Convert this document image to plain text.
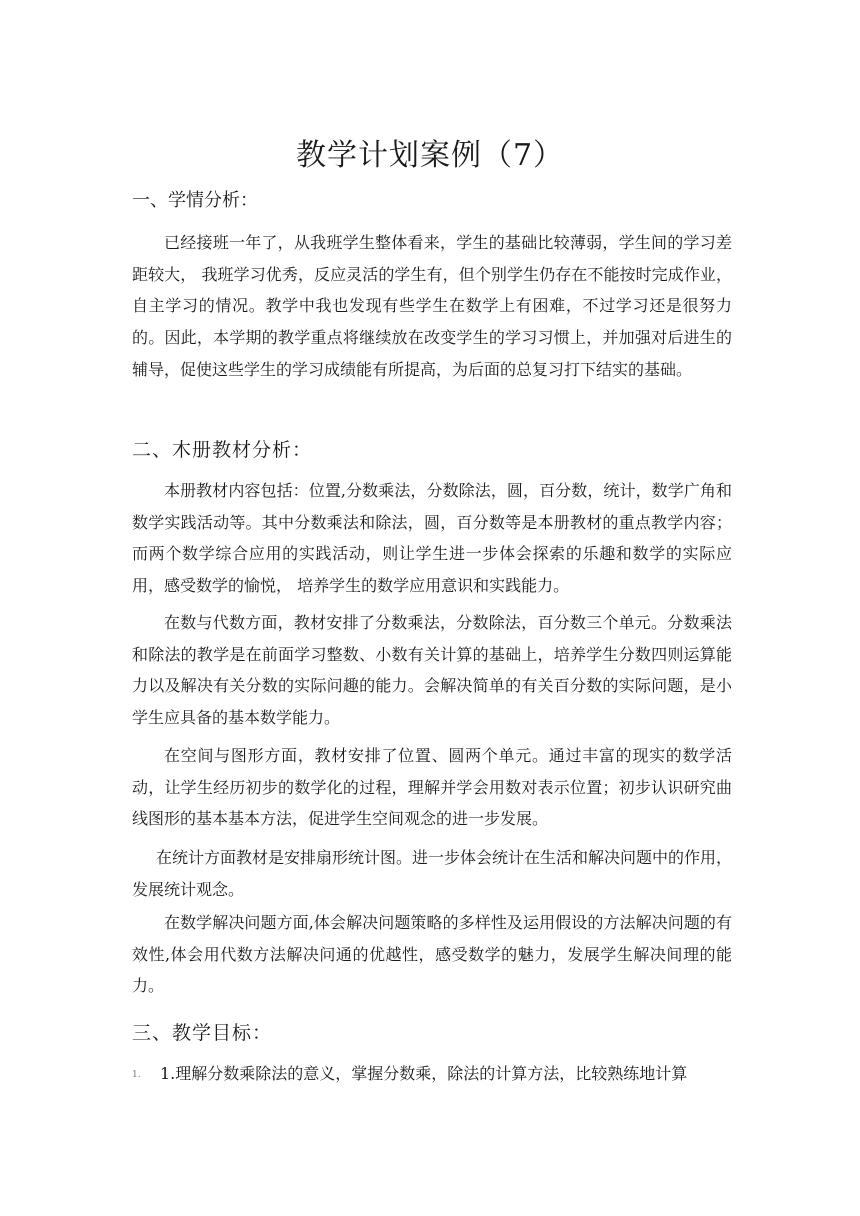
教学计划案例（7）
一、学情分析：

已经接班一年了，从我班学生整体看来，学生的基础比较薄弱，学生间的学习差距较大， 我班学习优秀，反应灵活的学生有，但个别学生仍存在不能按时完成作业，自主学习的情况。教学中我也发现有些学生在数学上有困难，不过学习还是很努力的。因此，本学期的教学重点将继续放在改变学生的学习习惯上，并加强对后进生的辅导，促使这些学生的学习成绩能有所提高，为后面的总复习打下结实的基础。

二、木册教材分析：

本册教材内容包括：位置,分数乘法，分数除法，圆，百分数，统计，数学广角和数学实践活动等。其中分数乘法和除法，圆，百分数等是本册教材的重点教学内容；而两个数学综合应用的实践活动，则让学生进一步体会探索的乐趣和数学的实际应用，感受数学的愉悦， 培养学生的数学应用意识和实践能力。

在数与代数方面，教材安排了分数乘法，分数除法，百分数三个单元。分数乘法和除法的教学是在前面学习整数、小数有关计算的基础上，培养学生分数四则运算能力以及解决有关分数的实际问趣的能力。会解决简单的有关百分数的实际问题，是小学生应具备的基本数学能力。

在空间与图形方面，教材安排了位置、圆两个单元。通过丰富的现实的数学活动，让学生经历初步的数学化的过程，理解并学会用数对表示位置；初步认识研究曲线图形的基本基本方法，促进学生空间观念的进一步发展。

在统计方面教材是安排扇形统计图。进一步体会统计在生活和解决问题中的作用，发展统计观念。

在数学解决问题方面,体会解决问题策略的多样性及运用假设的方法解决问题的有效性,体会用代数方法解决问通的优越性，感受数学的魅力，发展学生解决间理的能力。

三、教学目标：
1. 1.理解分数乘除法的意义，掌握分数乘，除法的计算方法，比较熟练地计算
